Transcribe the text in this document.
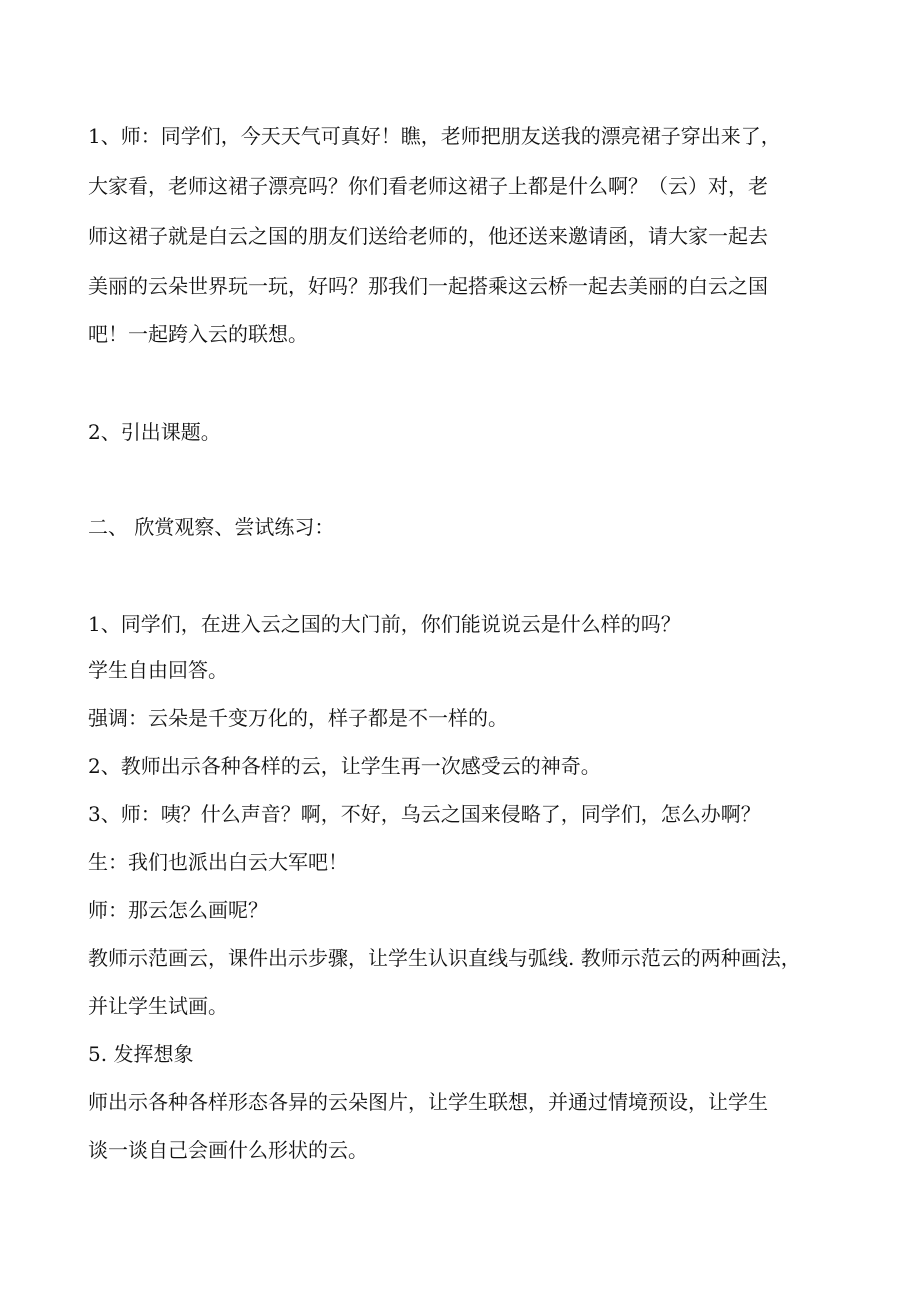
1、师：同学们，今天天气可真好！瞧，老师把朋友送我的漂亮裙子穿出来了，
大家看，老师这裙子漂亮吗？你们看老师这裙子上都是什么啊？（云）对，老
师这裙子就是白云之国的朋友们送给老师的，他还送来邀请函，请大家一起去
美丽的云朵世界玩一玩，好吗？那我们一起搭乘这云桥一起去美丽的白云之国
吧！一起跨入云的联想。
2、引出课题。
二、 欣赏观察、尝试练习：
1、同学们，在进入云之国的大门前，你们能说说云是什么样的吗？
学生自由回答。
强调：云朵是千变万化的，样子都是不一样的。
2、教师出示各种各样的云，让学生再一次感受云的神奇。
3、师：咦？什么声音？啊，不好，乌云之国来侵略了，同学们，怎么办啊？
生：我们也派出白云大军吧！
师：那云怎么画呢？
教师示范画云，课件出示步骤，让学生认识直线与弧线. 教师示范云的两种画法，
并让学生试画。
5. 发挥想象
师出示各种各样形态各异的云朵图片，让学生联想，并通过情境预设，让学生
谈一谈自己会画什么形状的云。
